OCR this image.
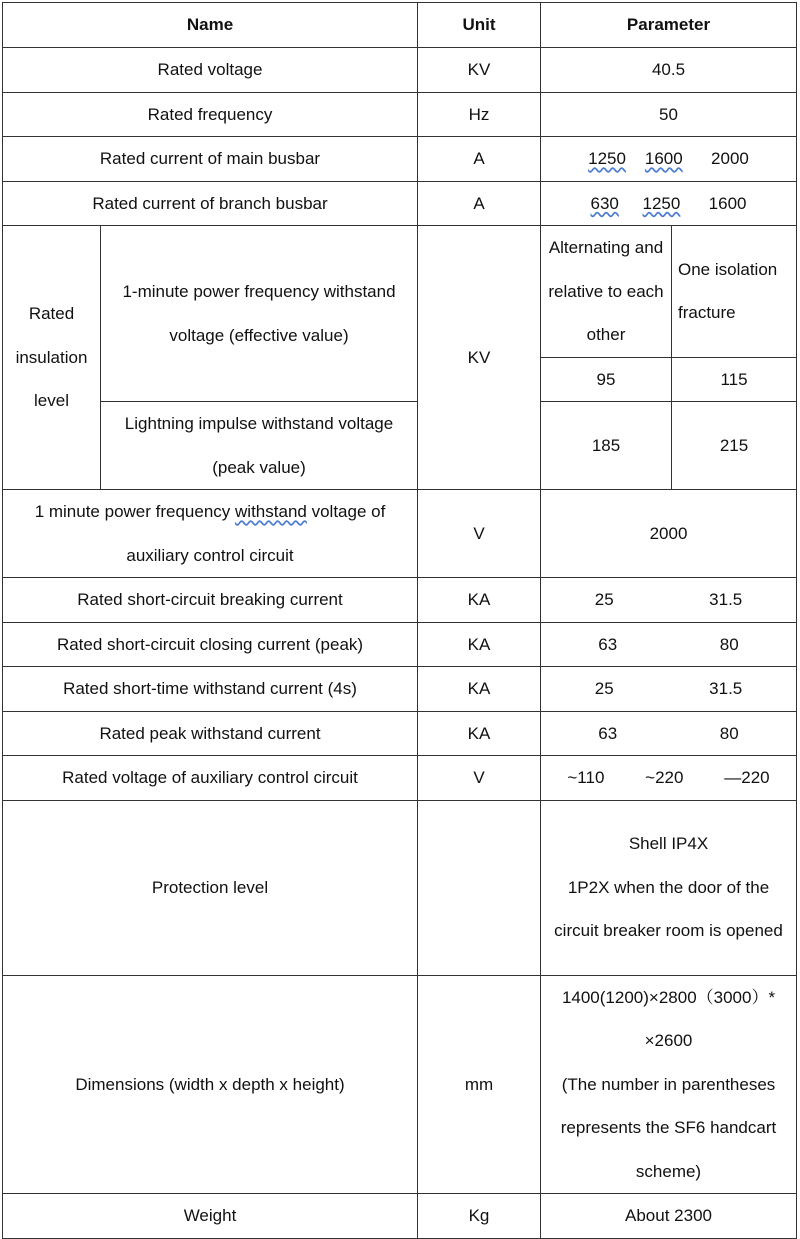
Name		Unit	Parameter	
Rated voltage		KV	40.5	
Rated frequency		Hz	50	
Rated current of main busbar		A	1250 1600 2000	
Rated current of branch busbar		A	630 1250 1600	
Rated insulation level	1-minute power frequency withstand voltage (effective value)	KV	Alternating and relative to each other	One isolation fracture
			95	115
	Lightning impulse withstand voltage (peak value)		185	215
1 minute power frequency withstand voltage of auxiliary control circuit		V	2000	
Rated short-circuit breaking current		KA	25 31.5	

Rated short-circuit closing current (peak)		KA	63 80	

Rated short-time withstand current (4s)		KA	25 31.5	

Rated peak withstand current		KA	63 80	

Rated voltage of auxiliary control circuit		V	~110 ~220 —220	

Protection level			Shell IP4X
1P2X when the door of the circuit breaker room is opened	

Dimensions (width x depth x height)		mm	1400(1200)×2800（3000）* ×2600
(The number in parentheses represents the SF6 handcart scheme)	

Weight		Kg	About 2300	
